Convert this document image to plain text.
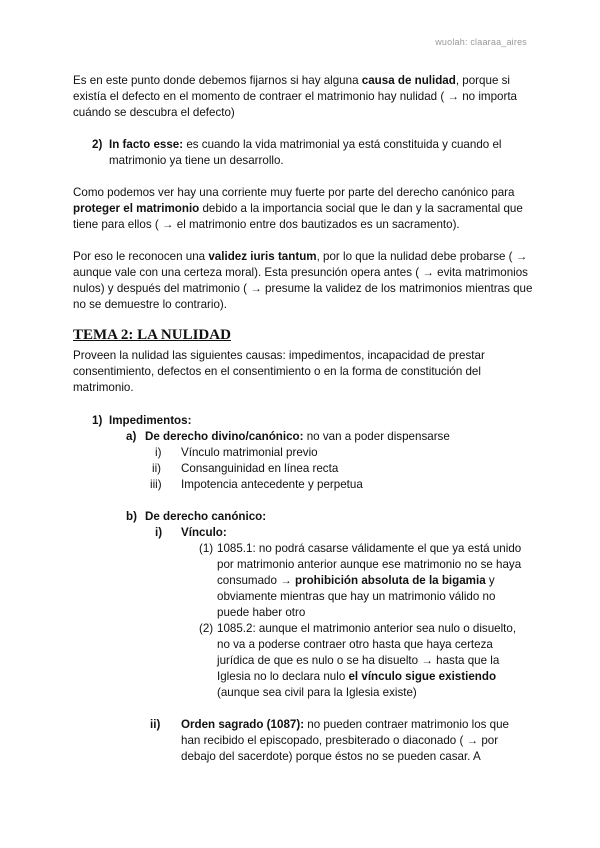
wuolah: claaraa_aires
Es en este punto donde debemos fijarnos si hay alguna causa de nulidad, porque si existía el defecto en el momento de contraer el matrimonio hay nulidad ( → no importa cuándo se descubra el defecto)
2) In facto esse: es cuando la vida matrimonial ya está constituida y cuando el matrimonio ya tiene un desarrollo.
Como podemos ver hay una corriente muy fuerte por parte del derecho canónico para proteger el matrimonio debido a la importancia social que le dan y la sacramental que tiene para ellos ( → el matrimonio entre dos bautizados es un sacramento).
Por eso le reconocen una validez iuris tantum, por lo que la nulidad debe probarse ( → aunque vale con una certeza moral). Esta presunción opera antes ( → evita matrimonios nulos) y después del matrimonio ( → presume la validez de los matrimonios mientras que no se demuestre lo contrario).
TEMA 2: LA NULIDAD
Proveen la nulidad las siguientes causas: impedimentos, incapacidad de prestar consentimiento, defectos en el consentimiento o en la forma de constitución del matrimonio.
1) Impedimentos:
a) De derecho divino/canónico: no van a poder dispensarse
i) Vínculo matrimonial previo
ii) Consanguinidad en línea recta
iii) Impotencia antecedente y perpetua
b) De derecho canónico:
i) Vínculo:
(1) 1085.1: no podrá casarse válidamente el que ya está unido por matrimonio anterior aunque ese matrimonio no se haya consumado → prohibición absoluta de la bigamia y obviamente mientras que hay un matrimonio válido no puede haber otro
(2) 1085.2: aunque el matrimonio anterior sea nulo o disuelto, no va a poderse contraer otro hasta que haya certeza jurídica de que es nulo o se ha disuelto → hasta que la Iglesia no lo declara nulo el vínculo sigue existiendo (aunque sea civil para la Iglesia existe)
ii) Orden sagrado (1087): no pueden contraer matrimonio los que han recibido el episcopado, presbiterado o diaconado ( → por debajo del sacerdote) porque éstos no se pueden casar. A
